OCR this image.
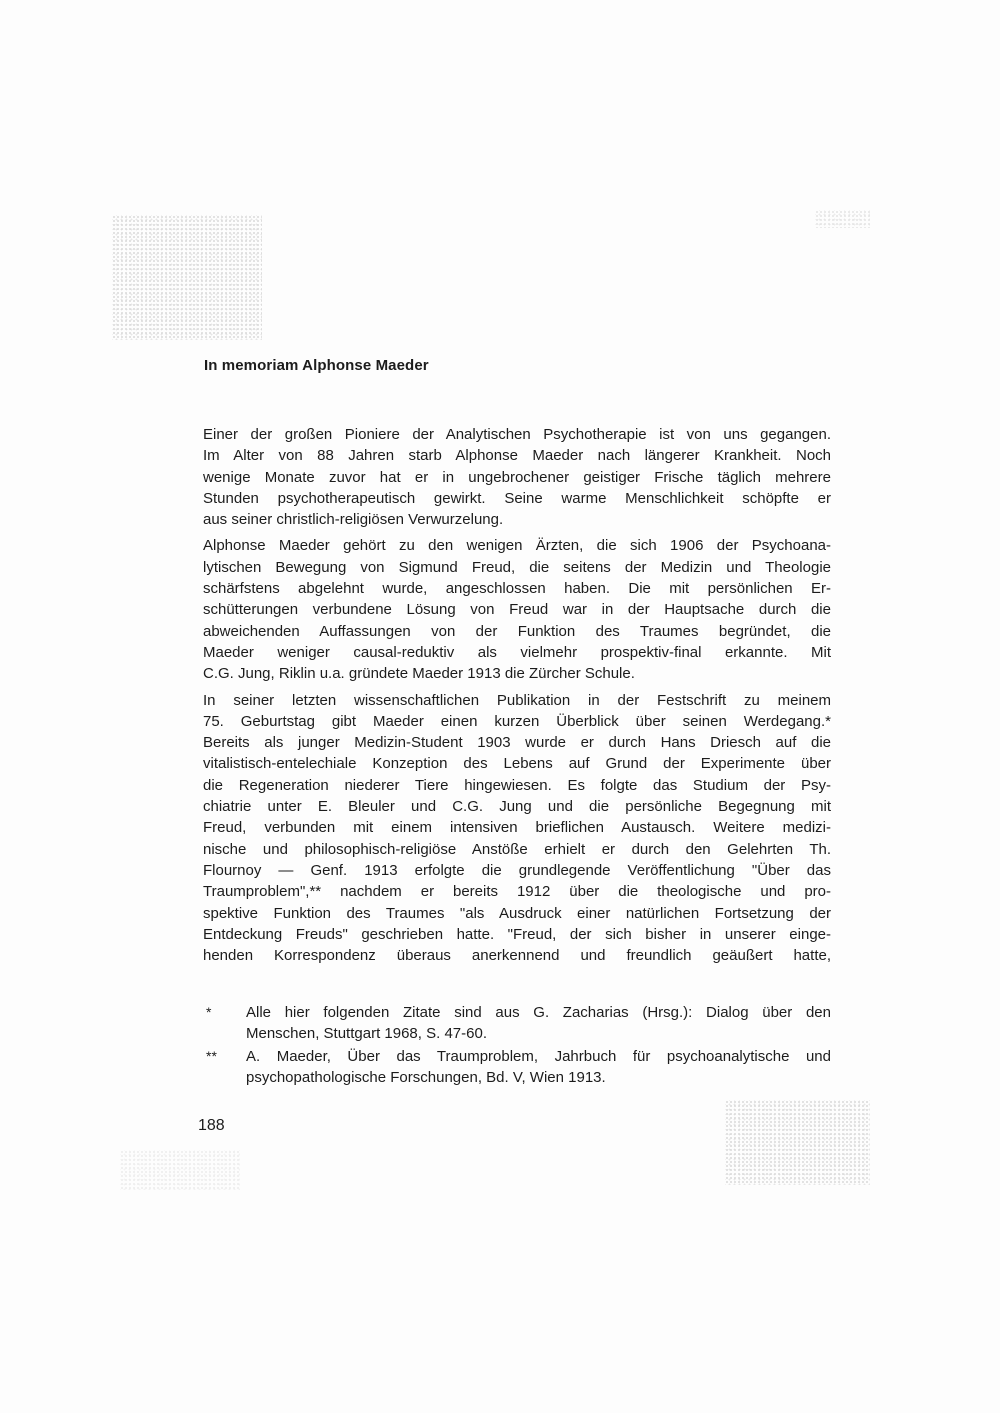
In memoriam Alphonse Maeder
Einer der großen Pioniere der Analytischen Psychotherapie ist von uns gegangen.
Im Alter von 88 Jahren starb Alphonse Maeder nach längerer Krankheit. Noch
wenige Monate zuvor hat er in ungebrochener geistiger Frische täglich mehrere
Stunden psychotherapeutisch gewirkt. Seine warme Menschlichkeit schöpfte er
aus seiner christlich-religiösen Verwurzelung.
Alphonse Maeder gehört zu den wenigen Ärzten, die sich 1906 der Psychoana-
lytischen Bewegung von Sigmund Freud, die seitens der Medizin und Theologie
schärfstens abgelehnt wurde, angeschlossen haben. Die mit persönlichen Er-
schütterungen verbundene Lösung von Freud war in der Hauptsache durch die
abweichenden Auffassungen von der Funktion des Traumes begründet, die
Maeder weniger causal-reduktiv als vielmehr prospektiv-final erkannte. Mit
C.G. Jung, Riklin u.a. gründete Maeder 1913 die Zürcher Schule.
In seiner letzten wissenschaftlichen Publikation in der Festschrift zu meinem
75. Geburtstag gibt Maeder einen kurzen Überblick über seinen Werdegang.*
Bereits als junger Medizin-Student 1903 wurde er durch Hans Driesch auf die
vitalistisch-entelechiale Konzeption des Lebens auf Grund der Experimente über
die Regeneration niederer Tiere hingewiesen. Es folgte das Studium der Psy-
chiatrie unter E. Bleuler und C.G. Jung und die persönliche Begegnung mit
Freud, verbunden mit einem intensiven brieflichen Austausch. Weitere medizi-
nische und philosophisch-religiöse Anstöße erhielt er durch den Gelehrten Th.
Flournoy — Genf. 1913 erfolgte die grundlegende Veröffentlichung "Über das
Traumproblem",** nachdem er bereits 1912 über die theologische und pro-
spektive Funktion des Traumes "als Ausdruck einer natürlichen Fortsetzung der
Entdeckung Freuds" geschrieben hatte. "Freud, der sich bisher in unserer einge-
henden Korrespondenz überaus anerkennend und freundlich geäußert hatte,
* Alle hier folgenden Zitate sind aus G. Zacharias (Hrsg.): Dialog über den
Menschen, Stuttgart 1968, S. 47-60.
** A. Maeder, Über das Traumproblem, Jahrbuch für psychoanalytische und
psychopathologische Forschungen, Bd. V, Wien 1913.
188
